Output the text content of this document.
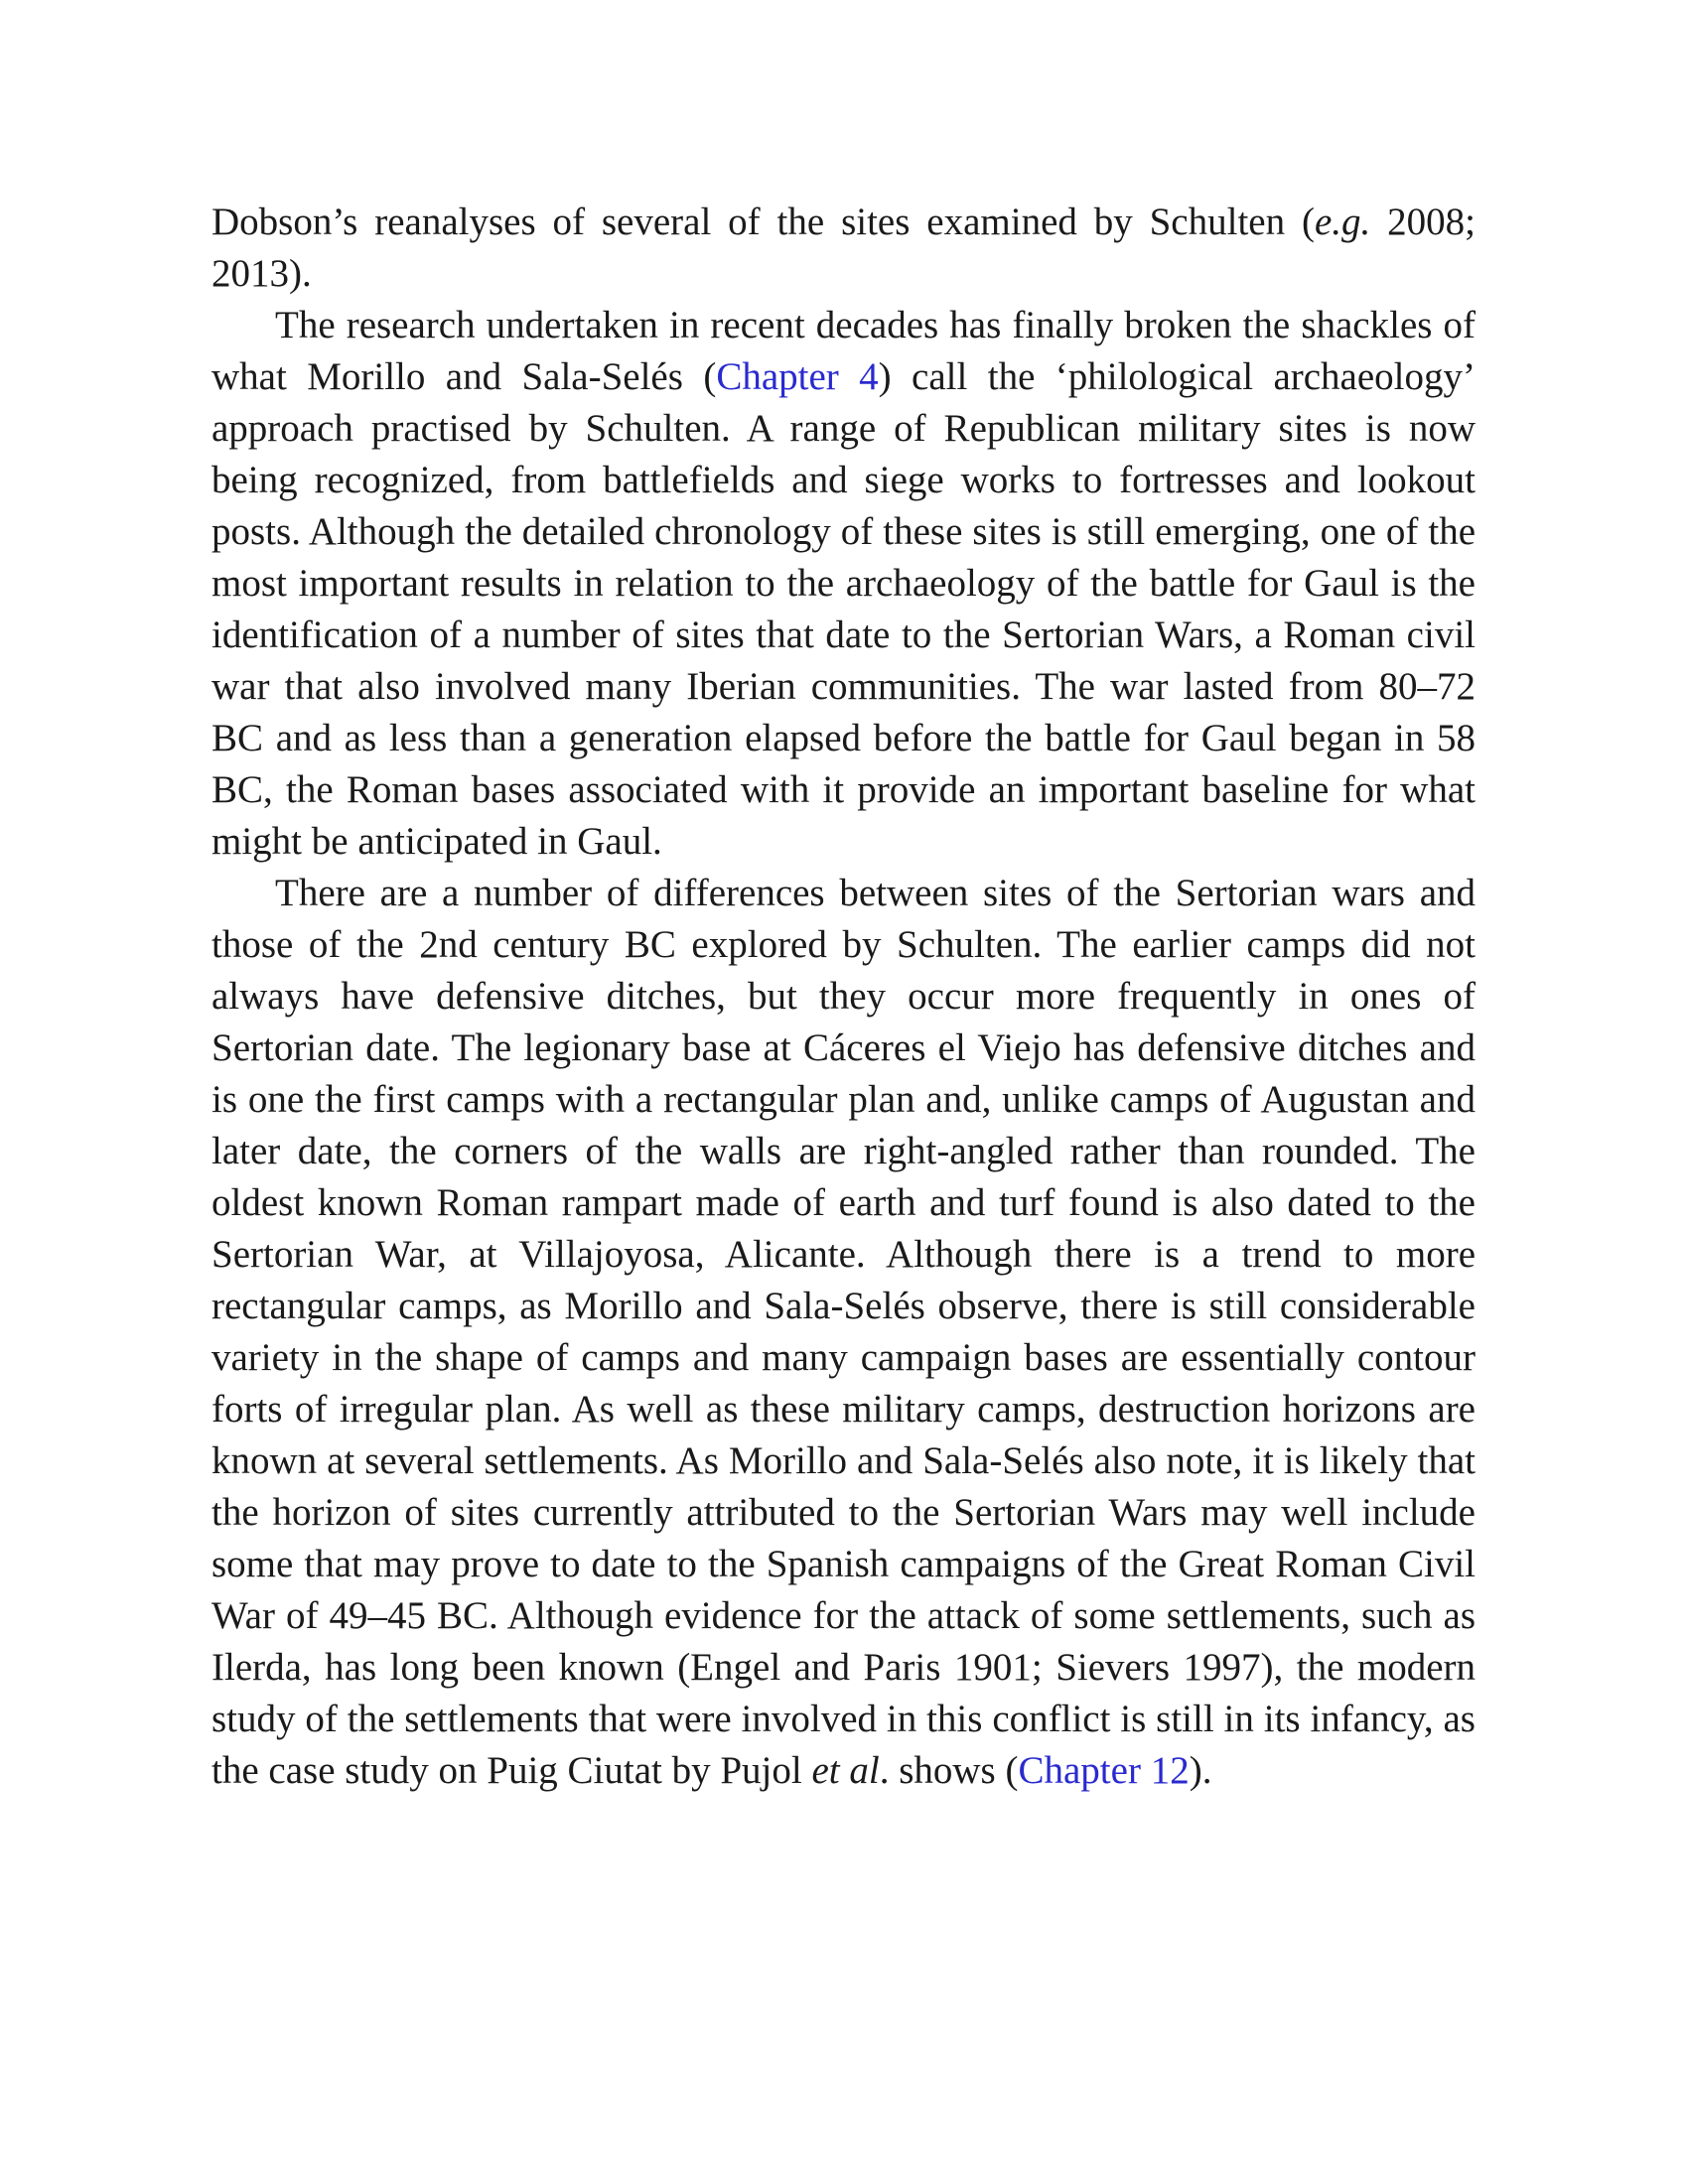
Dobson’s reanalyses of several of the sites examined by Schulten (e.g. 2008; 2013).

The research undertaken in recent decades has finally broken the shackles of what Morillo and Sala-Selés (Chapter 4) call the ‘philological archaeology’ approach practised by Schulten. A range of Republican military sites is now being recognized, from battlefields and siege works to fortresses and lookout posts. Although the detailed chronology of these sites is still emerging, one of the most important results in relation to the archaeology of the battle for Gaul is the identification of a number of sites that date to the Sertorian Wars, a Roman civil war that also involved many Iberian communities. The war lasted from 80–72 BC and as less than a generation elapsed before the battle for Gaul began in 58 BC, the Roman bases associated with it provide an important baseline for what might be anticipated in Gaul.

There are a number of differences between sites of the Sertorian wars and those of the 2nd century BC explored by Schulten. The earlier camps did not always have defensive ditches, but they occur more frequently in ones of Sertorian date. The legionary base at Cáceres el Viejo has defensive ditches and is one the first camps with a rectangular plan and, unlike camps of Augustan and later date, the corners of the walls are right-angled rather than rounded. The oldest known Roman rampart made of earth and turf found is also dated to the Sertorian War, at Villajoyosa, Alicante. Although there is a trend to more rectangular camps, as Morillo and Sala-Selés observe, there is still considerable variety in the shape of camps and many campaign bases are essentially contour forts of irregular plan. As well as these military camps, destruction horizons are known at several settlements. As Morillo and Sala-Selés also note, it is likely that the horizon of sites currently attributed to the Sertorian Wars may well include some that may prove to date to the Spanish campaigns of the Great Roman Civil War of 49–45 BC. Although evidence for the attack of some settlements, such as Ilerda, has long been known (Engel and Paris 1901; Sievers 1997), the modern study of the settlements that were involved in this conflict is still in its infancy, as the case study on Puig Ciutat by Pujol et al. shows (Chapter 12).
